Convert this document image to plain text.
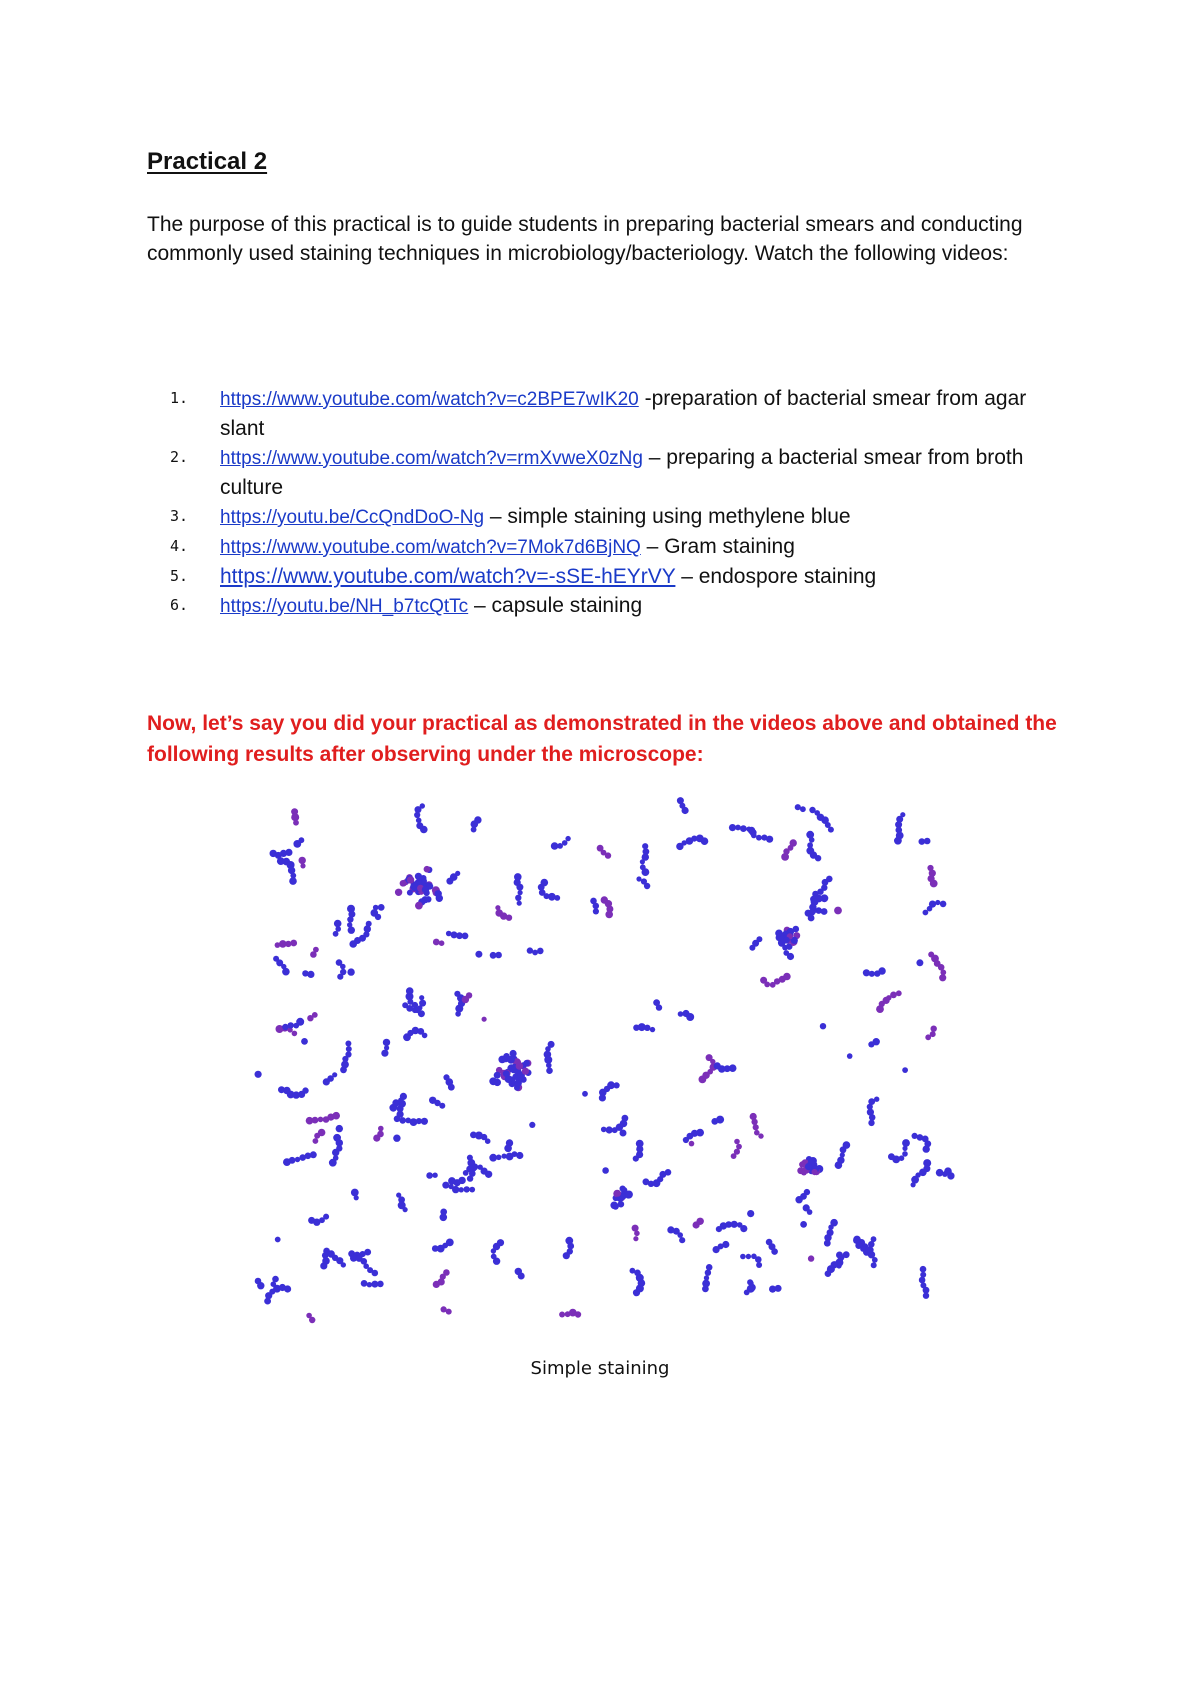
Practical 2

The purpose of this practical is to guide students in preparing bacterial smears and conducting commonly used staining techniques in microbiology/bacteriology. Watch the following videos:

1. https://www.youtube.com/watch?v=c2BPE7wIK20 -preparation of bacterial smear from agar slant
2. https://www.youtube.com/watch?v=rmXvweX0zNg – preparing a bacterial smear from broth culture
3. https://youtu.be/CcQndDoO-Ng – simple staining using methylene blue
4. https://www.youtube.com/watch?v=7Mok7d6BjNQ – Gram staining
5. https://www.youtube.com/watch?v=-sSE-hEYrVY – endospore staining
6. https://youtu.be/NH_b7tcQtTc – capsule staining

Now, let’s say you did your practical as demonstrated in the videos above and obtained the following results after observing under the microscope:

Simple staining
